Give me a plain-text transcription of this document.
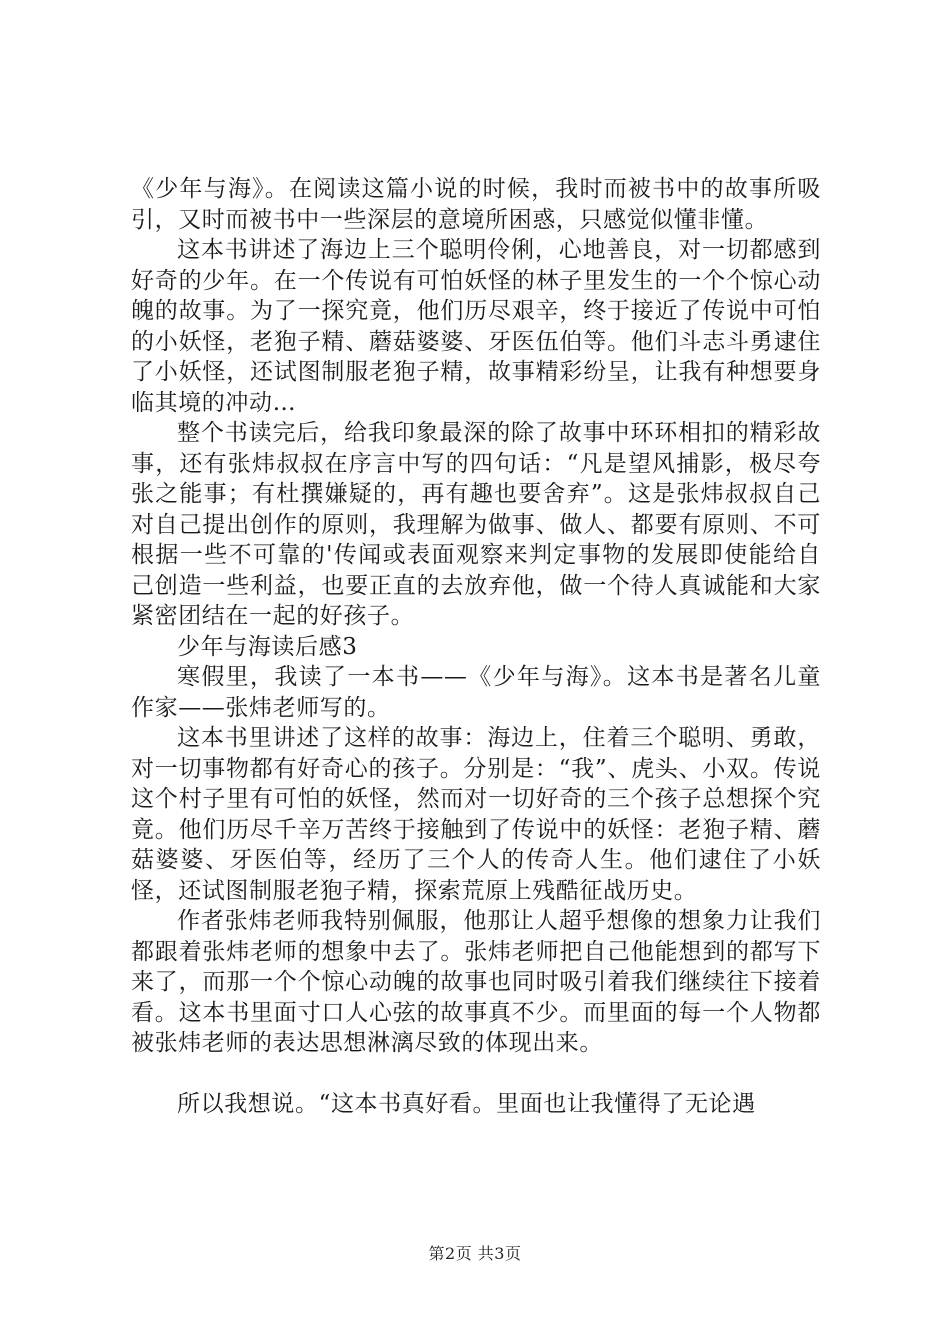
《少年与海》。在阅读这篇小说的时候，我时而被书中的故事所吸引，又时而被书中一些深层的意境所困惑，只感觉似懂非懂。

这本书讲述了海边上三个聪明伶俐，心地善良，对一切都感到好奇的少年。在一个传说有可怕妖怪的林子里发生的一个个惊心动魄的故事。为了一探究竟，他们历尽艰辛，终于接近了传说中可怕的小妖怪，老狍子精、蘑菇婆婆、牙医伍伯等。他们斗志斗勇逮住了小妖怪，还试图制服老狍子精，故事精彩纷呈，让我有种想要身临其境的冲动…

整个书读完后，给我印象最深的除了故事中环环相扣的精彩故事，还有张炜叔叔在序言中写的四句话：“凡是望风捕影，极尽夸张之能事；有杜撰嫌疑的，再有趣也要舍弃”。这是张炜叔叔自己对自己提出创作的原则，我理解为做事、做人、都要有原则、不可根据一些不可靠的'传闻或表面观察来判定事物的发展即使能给自己创造一些利益，也要正直的去放弃他，做一个待人真诚能和大家紧密团结在一起的好孩子。

少年与海读后感3

寒假里，我读了一本书——《少年与海》。这本书是著名儿童作家——张炜老师写的。

这本书里讲述了这样的故事：海边上，住着三个聪明、勇敢，对一切事物都有好奇心的孩子。分别是：“我”、虎头、小双。传说这个村子里有可怕的妖怪，然而对一切好奇的三个孩子总想探个究竟。他们历尽千辛万苦终于接触到了传说中的妖怪：老狍子精、蘑菇婆婆、牙医伯等，经历了三个人的传奇人生。他们逮住了小妖怪，还试图制服老狍子精，探索荒原上残酷征战历史。

作者张炜老师我特别佩服，他那让人超乎想像的想象力让我们都跟着张炜老师的想象中去了。张炜老师把自己他能想到的都写下来了，而那一个个惊心动魄的故事也同时吸引着我们继续往下接着看。这本书里面寸口人心弦的故事真不少。而里面的每一个人物都被张炜老师的表达思想淋漓尽致的体现出来。

所以我想说。“这本书真好看。里面也让我懂得了无论遇

第2页 共3页
